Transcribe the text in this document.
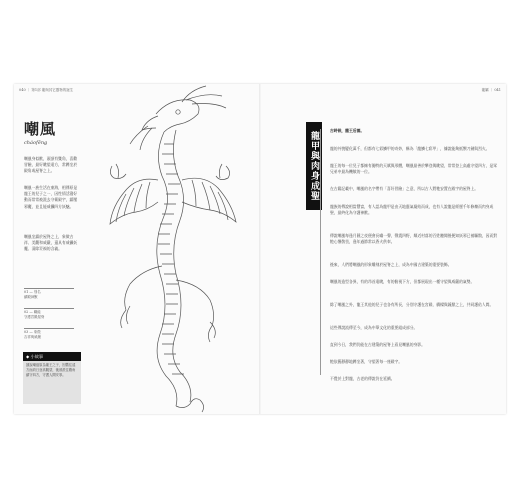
040 ｜ 第1部 龍與其它靈物的誕生
嘲風
cháofēng
嘲風身似獸，頭頂有雙角，喜歡冒險，最好眺望遠方，常蹲坐於殿角或屋脊之上。
嘲風一族生活在東海，相傳原是龍王的兒子之一，因性情活潑好動而常常被派去守衛殿宇，鎮壓邪魔，並且能威懾四方妖魅。
嘲風坐鎮於屋脊之上，象徵吉祥、美觀和威嚴，還具有威懾妖魔、清除災禍的含義。
01 — 別名
鎮殿神獸
02 — 職能
守護宮殿屋脊
03 — 象徵
吉祥與威嚴
◆ 小故事
據說嘲風原為龍王之子，因嚮往遠方而終日登高眺望，後被派往殿角鎮守四方，守護人間安寧。
龍屬 ｜ 041
龍甲與肉身成聖
古時候，龍王后園。
龍的外貌變化萬千，但都有七彩鱗甲的奇妙，稱為「龍鱗七彩甲」，據說能夠抵禦刀劍與烈火。
龍王的每一位兒子都擁有獨特的天賦與形體，嘲風最善於攀登與眺望，常常登上高處守望四方，是眾兄弟中最為機敏的一位。
在古籍記載中，嘲風的名字帶有「喜好冒險」之意，所以古人將牠安置在殿宇的屋脊上。
龍族的傳說相當豐富，有人認為龍甲是由天地靈氣凝結而成，也有人說龍是經歷千年修煉而肉身成聖，最終化為守護神獸。
傳說嘲風每逢月圓之夜便會長嘯一聲，聲震四野，鄰近村落的百姓聽聞後便知妖邪已被驅散，因而對牠心懷敬畏，逢年過節常以香火供奉。
後來，人們將嘲風的形象雕刻於屋脊之上，成為中國古建築的重要裝飾。
嘲風的造型各異，有的昂首遠眺，有的俯視下方，但都展現出一種守望與威嚴的氣勢。
除了嘲風之外，龍王其他的兒子也各有所長，分別守護在宮殿、橋樑與鐘鼎之上，共同護佑人間。
這些傳說流傳至今，成為中華文化的重要組成部分。
直到今日，我們仍能在古建築的屋脊上看見嘲風的身影。
牠依舊靜靜地蹲坐著，守望著每一座殿宇。
不覺於上對龍，古老的傳說仍在延續。
